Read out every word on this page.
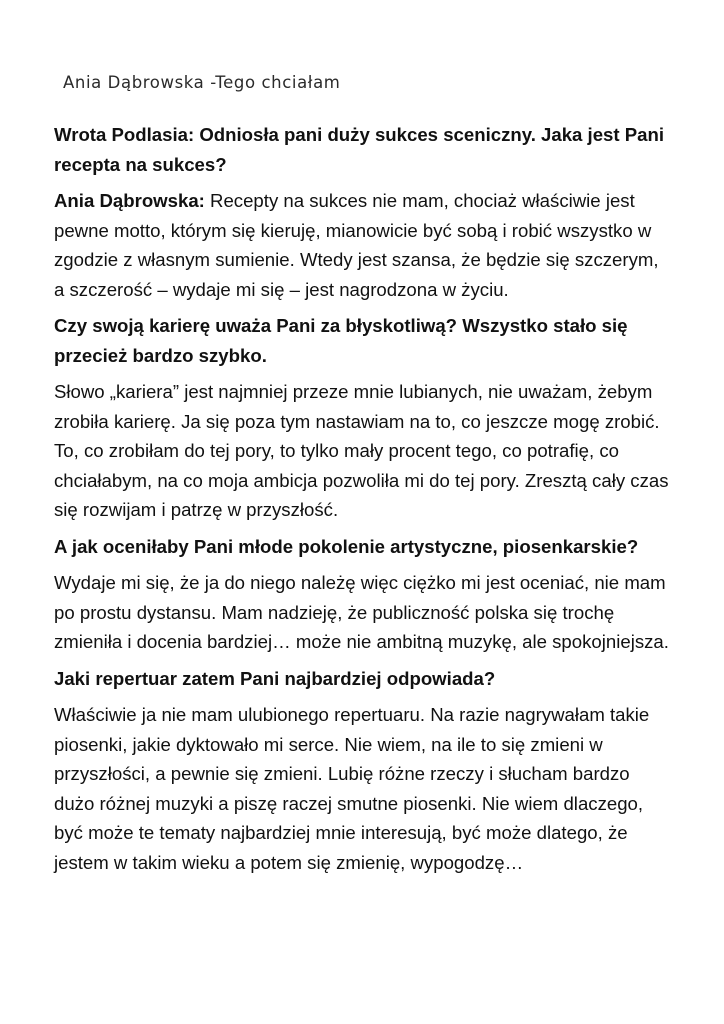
Ania Dąbrowska -Tego chciałam

Wrota Podlasia: Odniosła pani duży sukces sceniczny. Jaka jest Pani recepta na sukces?

Ania Dąbrowska: Recepty na sukces nie mam, chociaż właściwie jest pewne motto, którym się kieruję, mianowicie być sobą i robić wszystko w zgodzie z własnym sumienie. Wtedy jest szansa, że będzie się szczerym, a szczerość – wydaje mi się – jest nagrodzona w życiu.

Czy swoją karierę uważa Pani za błyskotliwą? Wszystko stało się przecież bardzo szybko.

Słowo „kariera” jest najmniej przeze mnie lubianych, nie uważam, żebym zrobiła karierę. Ja się poza tym nastawiam na to, co jeszcze mogę zrobić. To, co zrobiłam do tej pory, to tylko mały procent tego, co potrafię, co chciałabym, na co moja ambicja pozwoliła mi do tej pory. Zresztą cały czas się rozwijam i patrzę w przyszłość.

A jak oceniłaby Pani młode pokolenie artystyczne, piosenkarskie?

Wydaje mi się, że ja do niego należę więc ciężko mi jest oceniać, nie mam po prostu dystansu. Mam nadzieję, że publiczność polska się trochę zmieniła i docenia bardziej… może nie ambitną muzykę, ale spokojniejsza.

Jaki repertuar zatem Pani najbardziej odpowiada?

Właściwie ja nie mam ulubionego repertuaru. Na razie nagrywałam takie piosenki, jakie dyktowało mi serce. Nie wiem, na ile to się zmieni w przyszłości, a pewnie się zmieni. Lubię różne rzeczy i słucham bardzo dużo różnej muzyki a piszę raczej smutne piosenki. Nie wiem dlaczego, być może te tematy najbardziej mnie interesują, być może dlatego, że jestem w takim wieku a potem się zmienię, wypogodzę…
